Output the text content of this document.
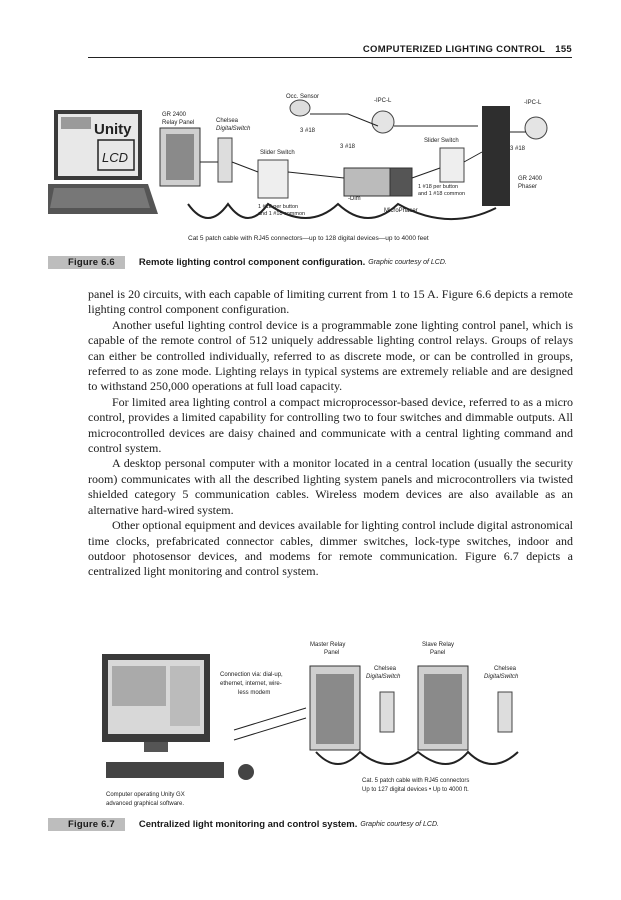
COMPUTERIZED LIGHTING CONTROL 155
Unity
LCD
GR 2400
Relay Panel	Chelsea
DigitalSwitch
Slider Switch
3 #18
Occ. Sensor
1 #18 per button
and 1 #18 common
3 #18
-IPC-L
-Dim
MicroPhaser
Slider Switch
1 #18 per button
and 1 #18 common
GR 2400
Phaser
3 #18
-IPC-L
Cat 5 patch cable with RJ45 connectors—up to 128 digital devices—up to 4000 feet
Figure 6.6	Remote lighting control component configuration. Graphic courtesy of LCD.

panel is 20 circuits, with each capable of limiting current from 1 to 15 A. Figure 6.6 depicts a remote lighting control component configuration.

Another useful lighting control device is a programmable zone lighting control panel, which is capable of the remote control of 512 uniquely addressable lighting control relays. Groups of relays can either be controlled individually, referred to as discrete mode, or can be controlled in groups, referred to as zone mode. Lighting relays in typical systems are extremely reliable and are designed to withstand 250,000 operations at full load capacity.

For limited area lighting control a compact microprocessor-based device, referred to as a micro control, provides a limited capability for controlling two to four switches and dimmable outputs. All microcontrolled devices are daisy chained and communicate with a central lighting command and control system.

A desktop personal computer with a monitor located in a central location (usually the security room) communicates with all the described lighting system panels and microcontrollers via twisted shielded category 5 communication cables. Wireless modem devices are also available as an alternative hard-wired system.

Other optional equipment and devices available for lighting control include digital astronomical time clocks, prefabricated connector cables, dimmer switches, lock-type switches, indoor and outdoor photosensor devices, and modems for remote communication. Figure 6.7 depicts a centralized light monitoring and control system.

Connection via: dial-up,
ethernet, internet, wire-
less modem
Master Relay
Panel
Chelsea
DigitalSwitch
Slave Relay
Panel
Chelsea
DigitalSwitch
Cat. 5 patch cable with RJ45 connectors
Up to 127 digital devices • Up to 4000 ft.
Computer operating Unity GX
advanced graphical software.
Figure 6.7	Centralized light monitoring and control system. Graphic courtesy of LCD.
